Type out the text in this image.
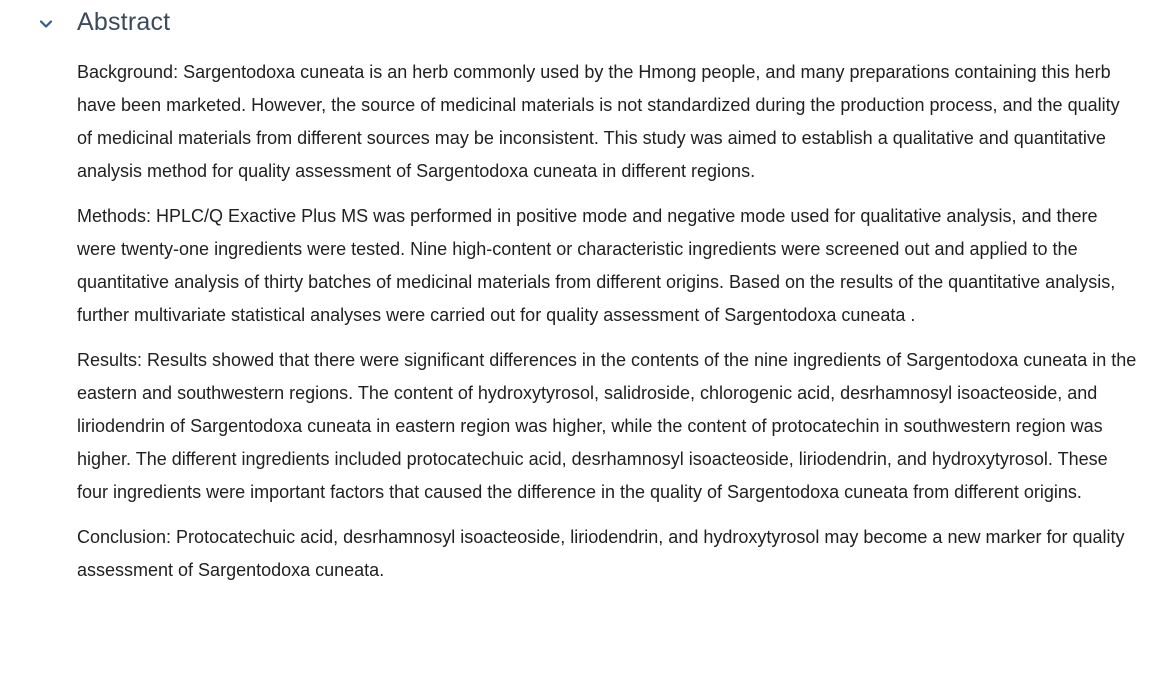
Abstract

Background: Sargentodoxa cuneata is an herb commonly used by the Hmong people, and many preparations containing this herb have been marketed. However, the source of medicinal materials is not standardized during the production process, and the quality of medicinal materials from different sources may be inconsistent. This study was aimed to establish a qualitative and quantitative analysis method for quality assessment of Sargentodoxa cuneata in different regions.

Methods: HPLC/Q Exactive Plus MS was performed in positive mode and negative mode used for qualitative analysis, and there were twenty-one ingredients were tested. Nine high-content or characteristic ingredients were screened out and applied to the quantitative analysis of thirty batches of medicinal materials from different origins. Based on the results of the quantitative analysis, further multivariate statistical analyses were carried out for quality assessment of Sargentodoxa cuneata .

Results: Results showed that there were significant differences in the contents of the nine ingredients of Sargentodoxa cuneata in the eastern and southwestern regions. The content of hydroxytyrosol, salidroside, chlorogenic acid, desrhamnosyl isoacteoside, and liriodendrin of Sargentodoxa cuneata in eastern region was higher, while the content of protocatechin in southwestern region was higher. The different ingredients included protocatechuic acid, desrhamnosyl isoacteoside, liriodendrin, and hydroxytyrosol. These four ingredients were important factors that caused the difference in the quality of Sargentodoxa cuneata from different origins.

Conclusion: Protocatechuic acid, desrhamnosyl isoacteoside, liriodendrin, and hydroxytyrosol may become a new marker for quality assessment of Sargentodoxa cuneata.
